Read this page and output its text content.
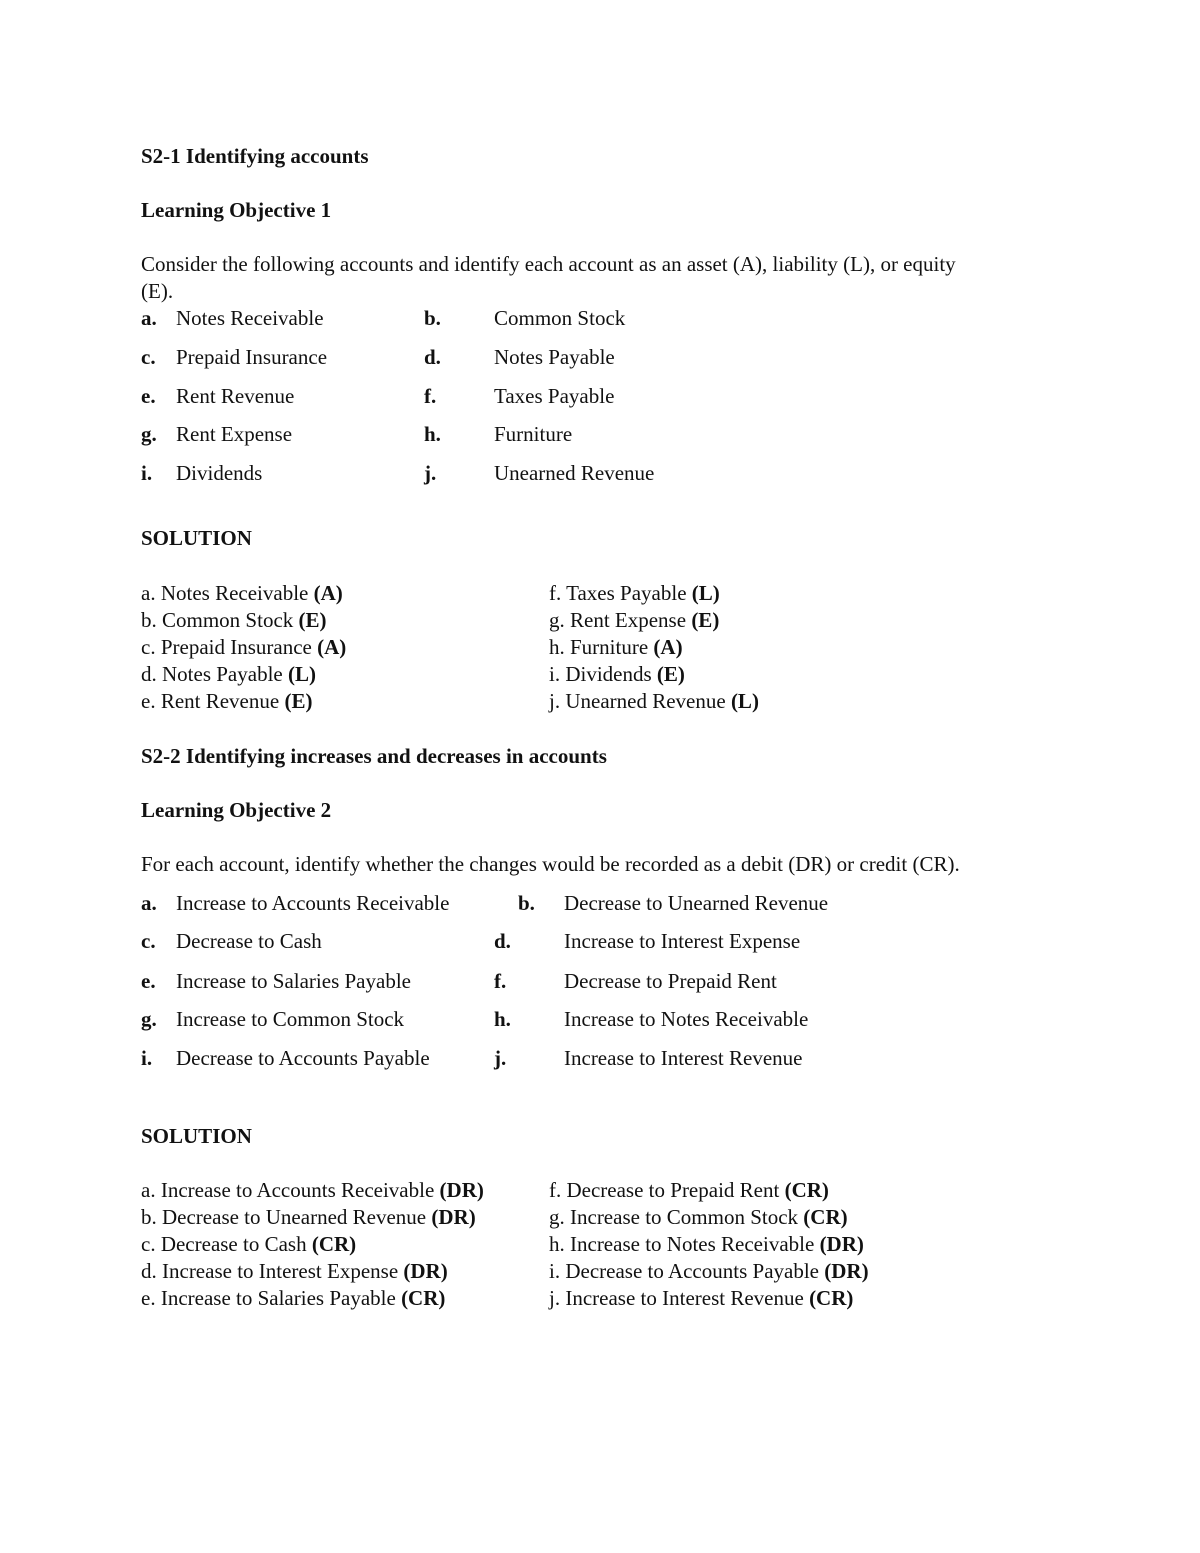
S2-1 Identifying accounts
Learning Objective 1
Consider the following accounts and identify each account as an asset (A), liability (L), or equity
(E).
a. Notes Receivable	b.	Common Stock
c. Prepaid Insurance	d.	Notes Payable
e. Rent Revenue	f.	Taxes Payable
g. Rent Expense	h.	Furniture
i. Dividends	j.	Unearned Revenue
SOLUTION
a. Notes Receivable (A)
b. Common Stock (E)
c. Prepaid Insurance (A)
d. Notes Payable (L)
e. Rent Revenue (E)
f. Taxes Payable (L)
g. Rent Expense (E)
h. Furniture (A)
i. Dividends (E)
j. Unearned Revenue (L)
S2-2 Identifying increases and decreases in accounts
Learning Objective 2
For each account, identify whether the changes would be recorded as a debit (DR) or credit (CR).
a. Increase to Accounts Receivable	b. Decrease to Unearned Revenue
c. Decrease to Cash	d.	Increase to Interest Expense
e. Increase to Salaries Payable	f.	Decrease to Prepaid Rent
g. Increase to Common Stock	h.	Increase to Notes Receivable
i. Decrease to Accounts Payable	j.	Increase to Interest Revenue
SOLUTION
a. Increase to Accounts Receivable (DR)
b. Decrease to Unearned Revenue (DR)
c. Decrease to Cash (CR)
d. Increase to Interest Expense (DR)
e. Increase to Salaries Payable (CR)
f. Decrease to Prepaid Rent (CR)
g. Increase to Common Stock (CR)
h. Increase to Notes Receivable (DR)
i. Decrease to Accounts Payable (DR)
j. Increase to Interest Revenue (CR)
